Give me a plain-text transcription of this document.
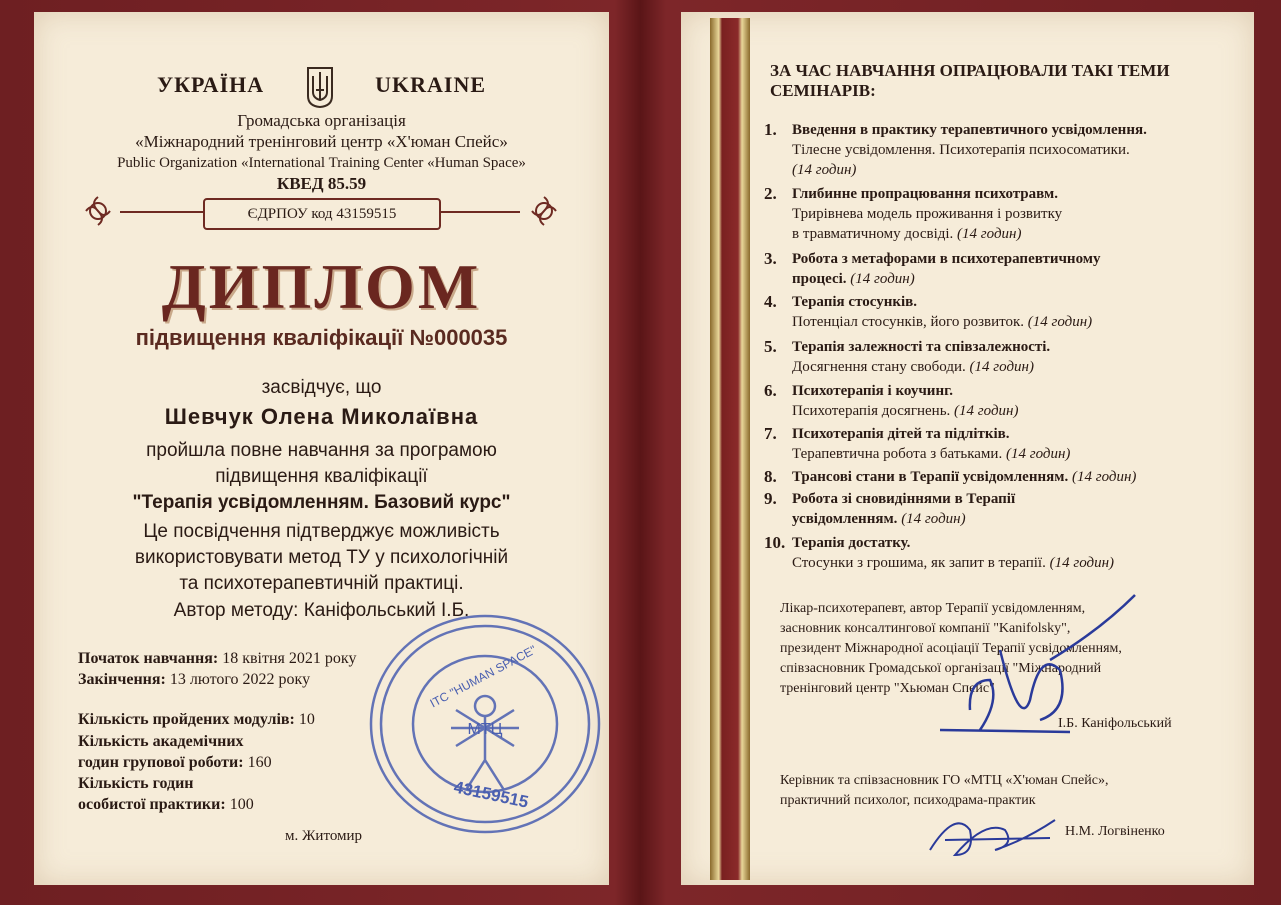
УКРАЇНА	UKRAINE
Громадська організація
«Міжнародний тренінговий центр «Х'юман Спейс»
Public Organization «International Training Center «Human Space»
КВЕД 85.59
ЄДРПОУ код 43159515
ДИПЛОМ
підвищення кваліфікації №000035
засвідчує, що
Шевчук Олена Миколаївна
пройшла повне навчання за програмою
підвищення кваліфікації
"Терапія усвідомленням. Базовий курс"
Це посвідчення підтверджує можливість
використовувати метод ТУ у психологічній
та психотерапевтичній практиці.
Автор методу: Каніфольський І.Б.
Початок навчання: 18 квітня 2021 року
Закінчення: 13 лютого 2022 року
Кількість пройдених модулів: 10
Кількість академічних
годин групової роботи: 160
Кількість годин
особистої практики: 100
м. Житомир
МТЦ
ITC "HUMAN SPACE"
43159515
ЗА ЧАС НАВЧАННЯ ОПРАЦЮВАЛИ ТАКІ ТЕМИ
СЕМІНАРІВ:
1. Введення в практику терапевтичного усвідомлення.
Тілесне усвідомлення. Психотерапія психосоматики.
(14 годин)
2. Глибинне пропрацювання психотравм.
Трирівнева модель проживання і розвитку
в травматичному досвіді. (14 годин)
3. Робота з метафорами в психотерапевтичному
процесі. (14 годин)
4. Терапія стосунків.
Потенціал стосунків, його розвиток. (14 годин)
5. Терапія залежності та співзалежності.
Досягнення стану свободи. (14 годин)
6. Психотерапія і коучинг.
Психотерапія досягнень. (14 годин)
7. Психотерапія дітей та підлітків.
Терапевтична робота з батьками. (14 годин)
8. Трансові стани в Терапії усвідомленням. (14 годин)
9. Робота зі сновидіннями в Терапії
усвідомленням. (14 годин)
10. Терапія достатку.
Стосунки з грошима, як запит в терапії. (14 годин)
Лікар-психотерапевт, автор Терапії усвідомленням,
засновник консалтингової компанії "Kanifolsky",
президент Міжнародної асоціації Терапії усвідомленням,
співзасновник Громадської організації "Міжнародний
тренінговий центр "Хьюман Спейс"
І.Б. Каніфольський
Керівник та співзасновник ГО «МТЦ «Х'юман Спейс»,
практичний психолог, психодрама-практик
Н.М. Логвіненко
